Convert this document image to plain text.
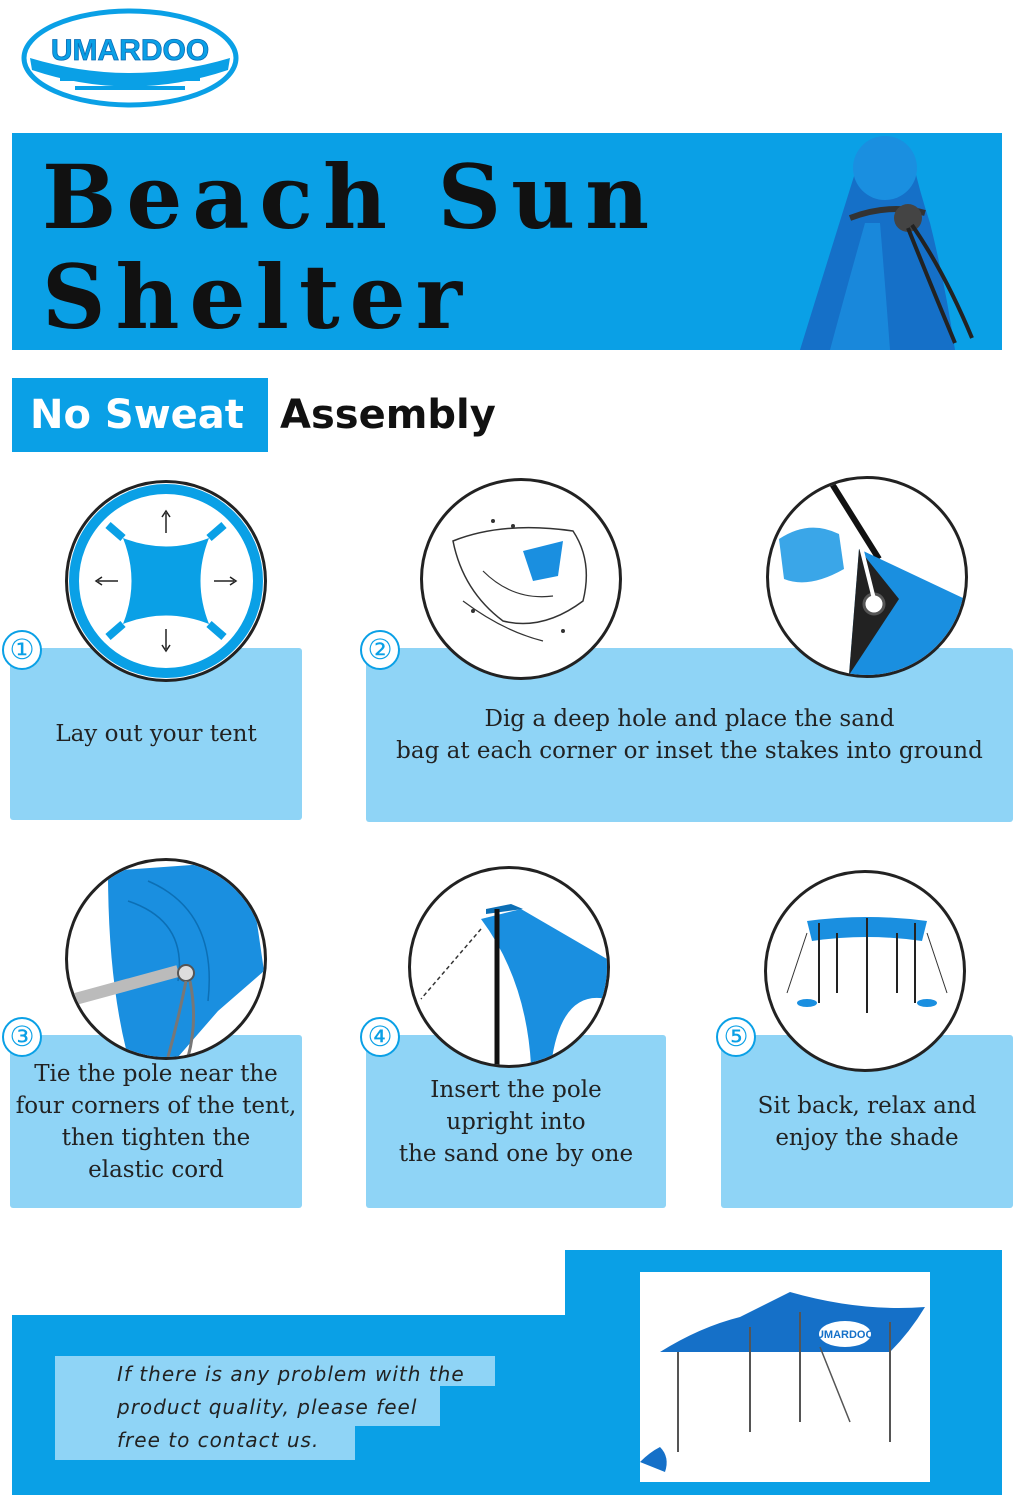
UMARDOO
Beach Sun
Shelter
No Sweat Assembly
Lay out your tent
①
Dig a deep hole and place the sand
bag at each corner or inset the stakes into ground
②
Tie the pole near the
four corners of the tent,
then tighten the
elastic cord
③
Insert the pole
upright into
the sand one by one
④
Sit back, relax and
enjoy the shade
⑤
If there is any problem with the
product quality, please feel
free to contact us.
UMARDOO
